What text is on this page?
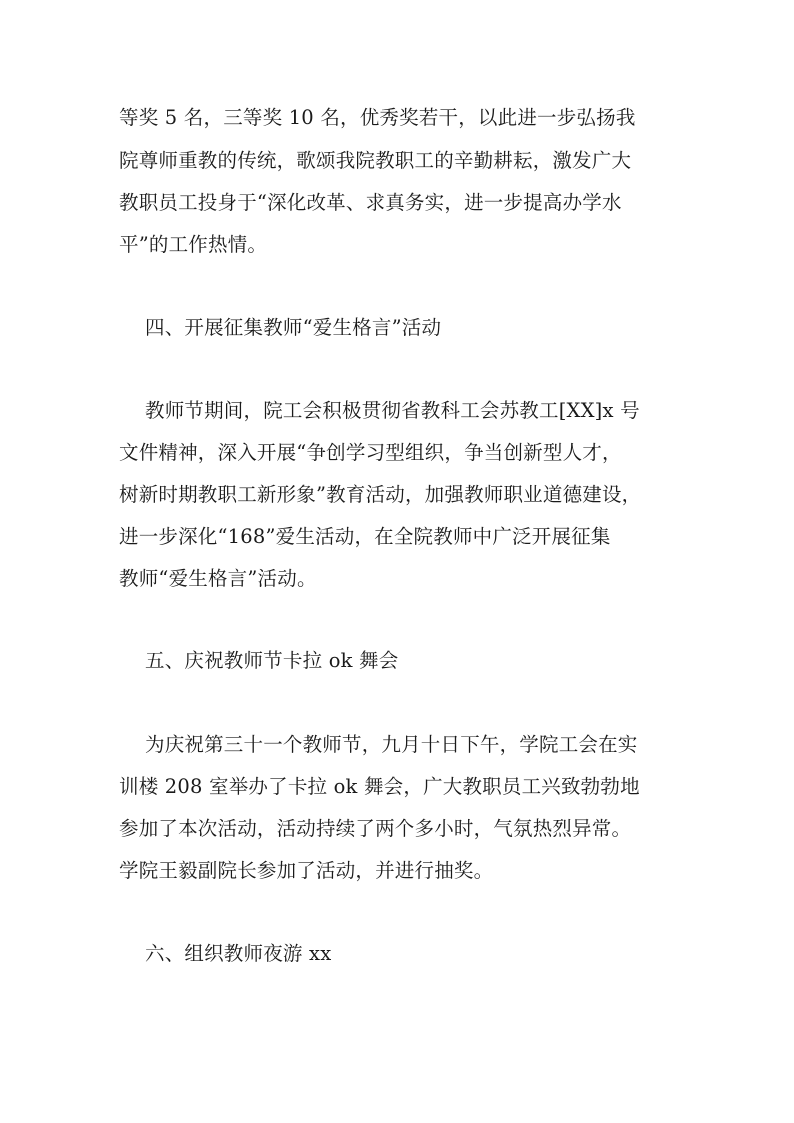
等奖 5 名，三等奖 10 名，优秀奖若干，以此进一步弘扬我
院尊师重教的传统，歌颂我院教职工的辛勤耕耘，激发广大
教职员工投身于“深化改革、求真务实，进一步提高办学水
平”的工作热情。
四、开展征集教师“爱生格言”活动
教师节期间，院工会积极贯彻省教科工会苏教工[XX]x 号
文件精神，深入开展“争创学习型组织，争当创新型人才，
树新时期教职工新形象”教育活动，加强教师职业道德建设，
进一步深化“168”爱生活动，在全院教师中广泛开展征集
教师“爱生格言”活动。
五、庆祝教师节卡拉 ok 舞会
为庆祝第三十一个教师节，九月十日下午，学院工会在实
训楼 208 室举办了卡拉 ok 舞会，广大教职员工兴致勃勃地
参加了本次活动，活动持续了两个多小时，气氛热烈异常。
学院王毅副院长参加了活动，并进行抽奖。
六、组织教师夜游 xx
